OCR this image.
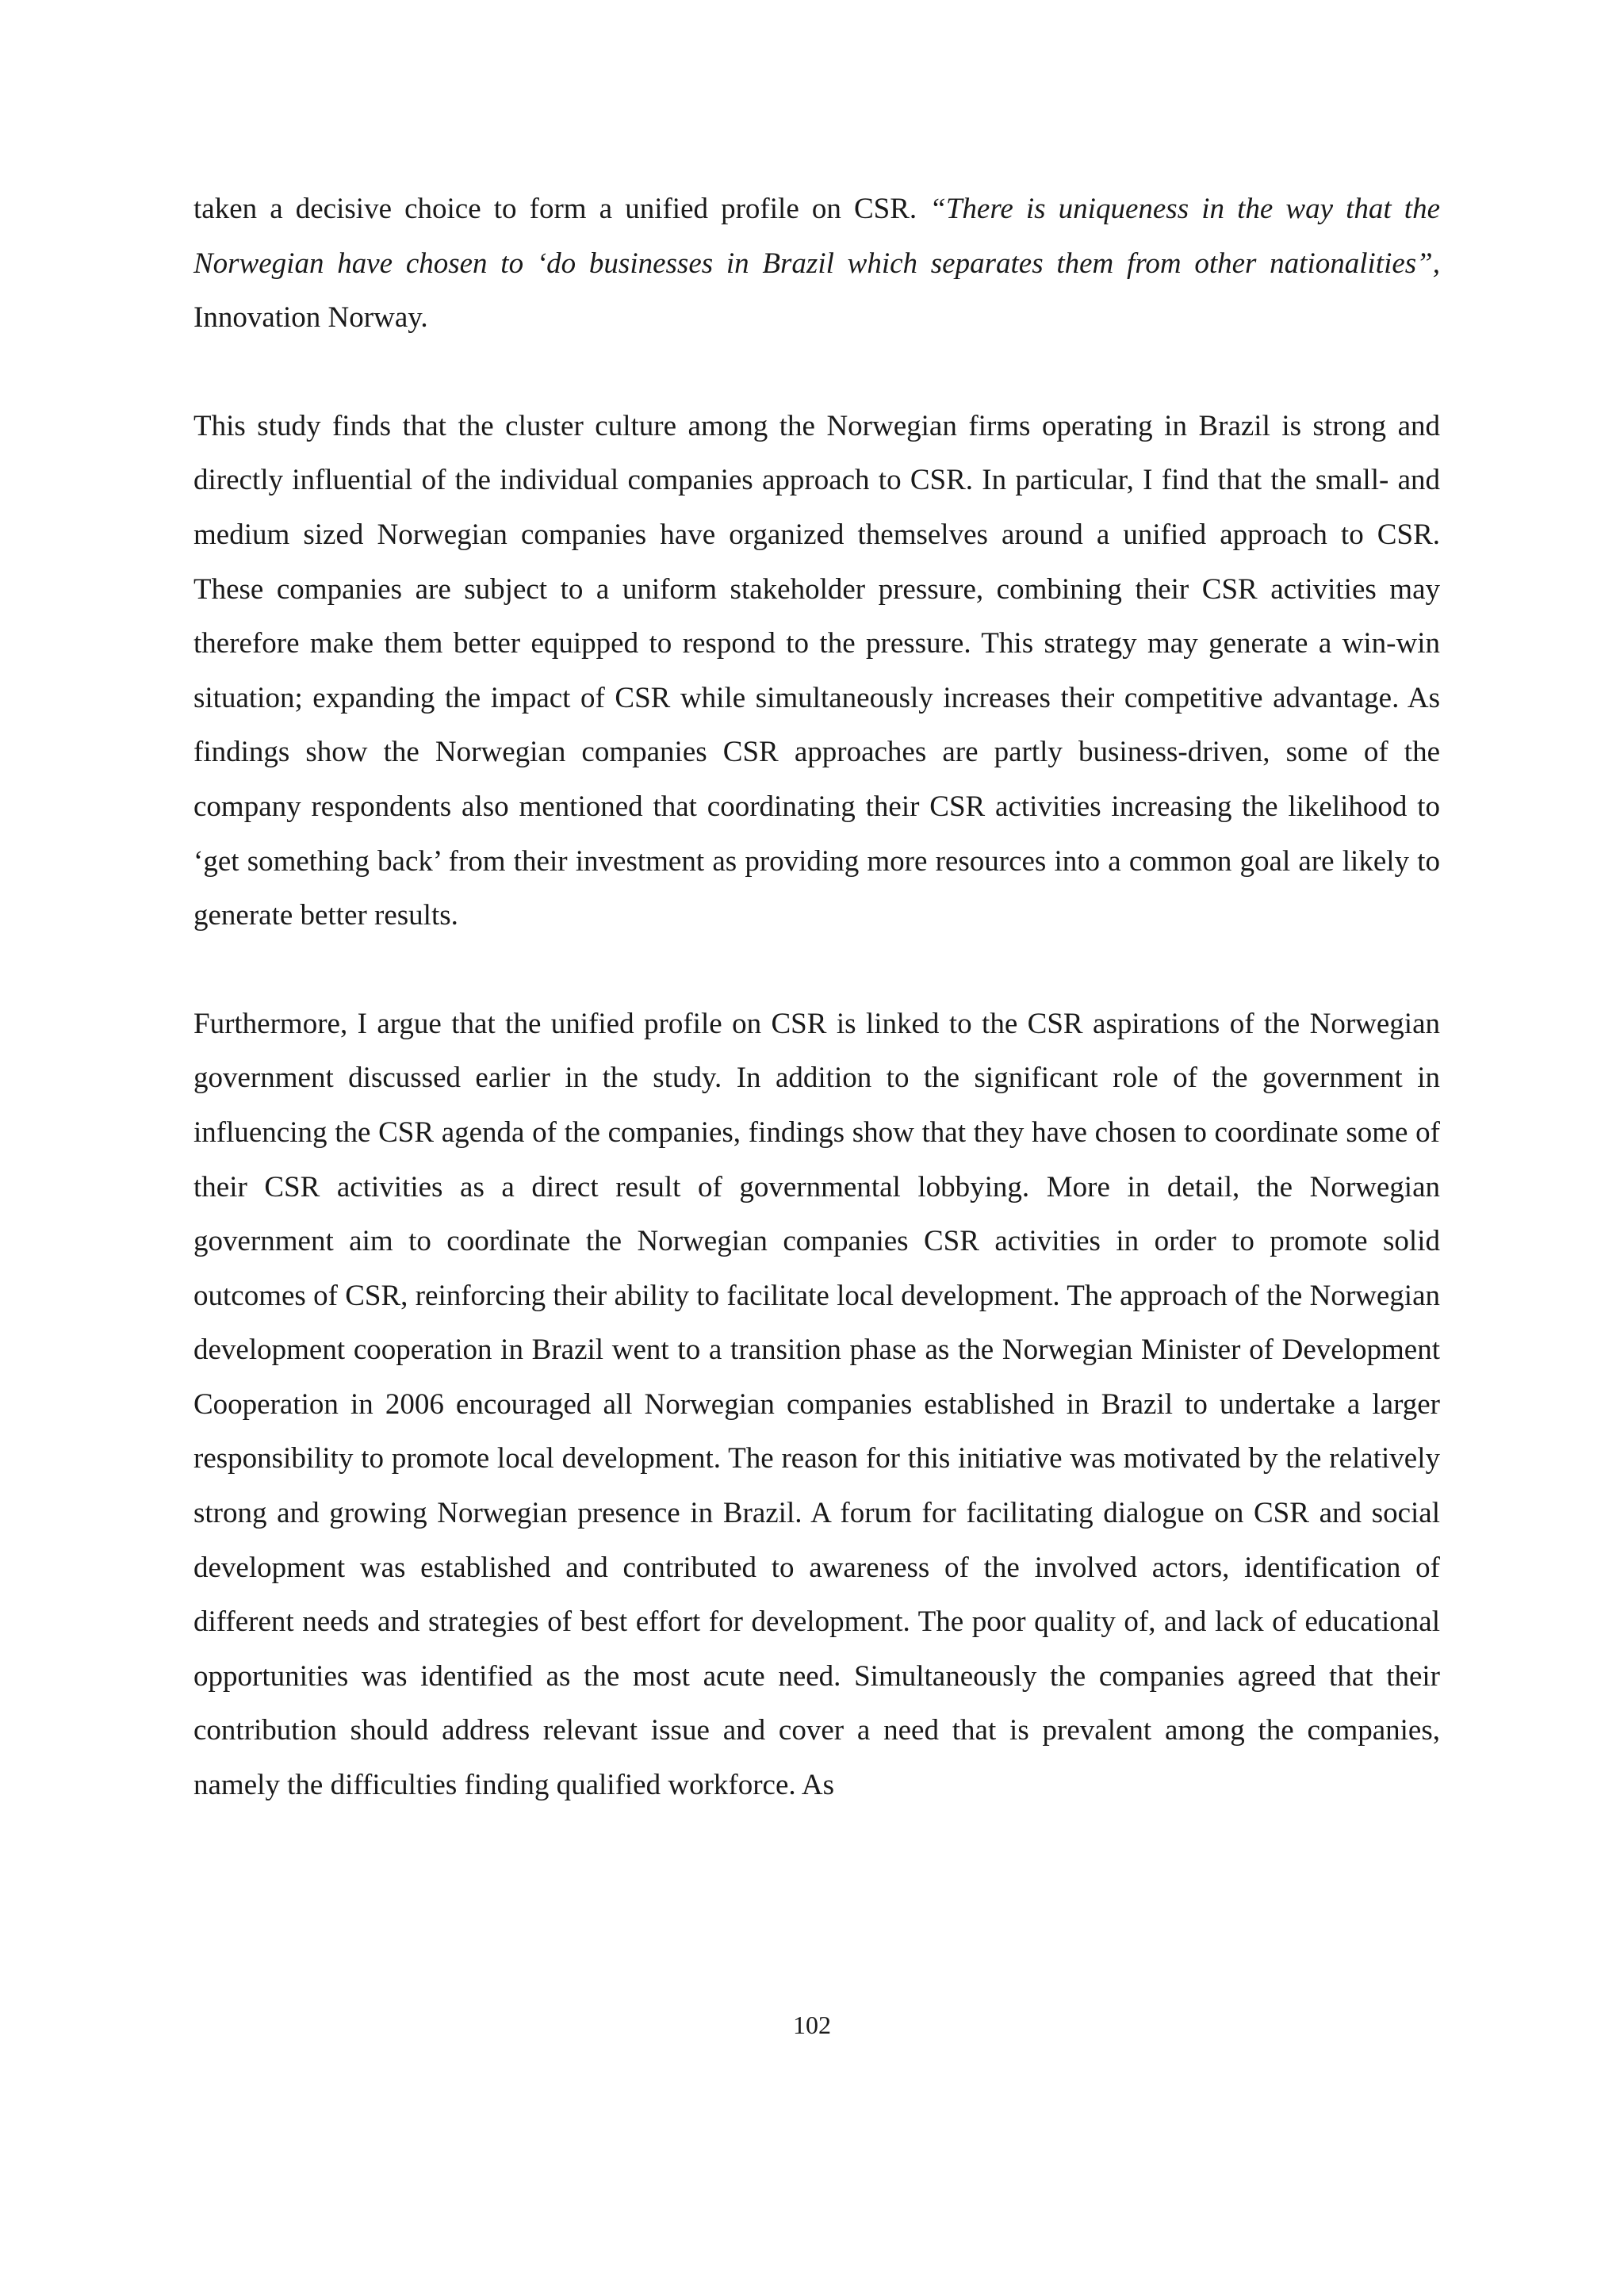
taken a decisive choice to form a unified profile on CSR. “There is uniqueness in the way that the Norwegian have chosen to ‘do businesses in Brazil which separates them from other nationalities”, Innovation Norway.

This study finds that the cluster culture among the Norwegian firms operating in Brazil is strong and directly influential of the individual companies approach to CSR. In particular, I find that the small- and medium sized Norwegian companies have organized themselves around a unified approach to CSR. These companies are subject to a uniform stakeholder pressure, combining their CSR activities may therefore make them better equipped to respond to the pressure. This strategy may generate a win-win situation; expanding the impact of CSR while simultaneously increases their competitive advantage. As findings show the Norwegian companies CSR approaches are partly business-driven, some of the company respondents also mentioned that coordinating their CSR activities increasing the likelihood to ‘get something back’ from their investment as providing more resources into a common goal are likely to generate better results.

Furthermore, I argue that the unified profile on CSR is linked to the CSR aspirations of the Norwegian government discussed earlier in the study. In addition to the significant role of the government in influencing the CSR agenda of the companies, findings show that they have chosen to coordinate some of their CSR activities as a direct result of governmental lobbying. More in detail, the Norwegian government aim to coordinate the Norwegian companies CSR activities in order to promote solid outcomes of CSR, reinforcing their ability to facilitate local development. The approach of the Norwegian development cooperation in Brazil went to a transition phase as the Norwegian Minister of Development Cooperation in 2006 encouraged all Norwegian companies established in Brazil to undertake a larger responsibility to promote local development. The reason for this initiative was motivated by the relatively strong and growing Norwegian presence in Brazil. A forum for facilitating dialogue on CSR and social development was established and contributed to awareness of the involved actors, identification of different needs and strategies of best effort for development. The poor quality of, and lack of educational opportunities was identified as the most acute need. Simultaneously the companies agreed that their contribution should address relevant issue and cover a need that is prevalent among the companies, namely the difficulties finding qualified workforce. As

102
